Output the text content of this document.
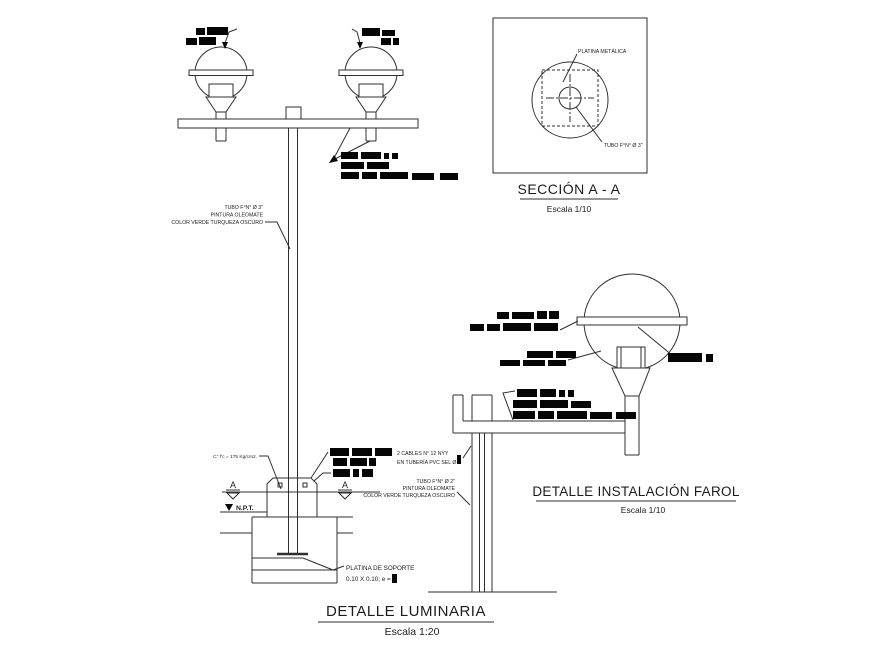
A	A
N.P.T.
TUBO F°N° Ø 3"
PINTURA OLEOMATE
COLOR VERDE TURQUEZA OSCURO
C° f'c = 175 Kg/cm2.
2 CABLES N° 12 NYY
EN TUBERÍA PVC SEL Ø
TUBO F°N° Ø 2"
PINTURA OLEOMATE
COLOR VERDE TURQUEZA OSCURO
PLATINA DE SOPORTE
0.10 X 0.10; e =
DETALLE LUMINARIA
Escala 1:20
PLATINA METÁLICA
TUBO F°N° Ø 3"
SECCIÓN A - A
Escala 1/10
DETALLE INSTALACIÓN FAROL
Escala 1/10
